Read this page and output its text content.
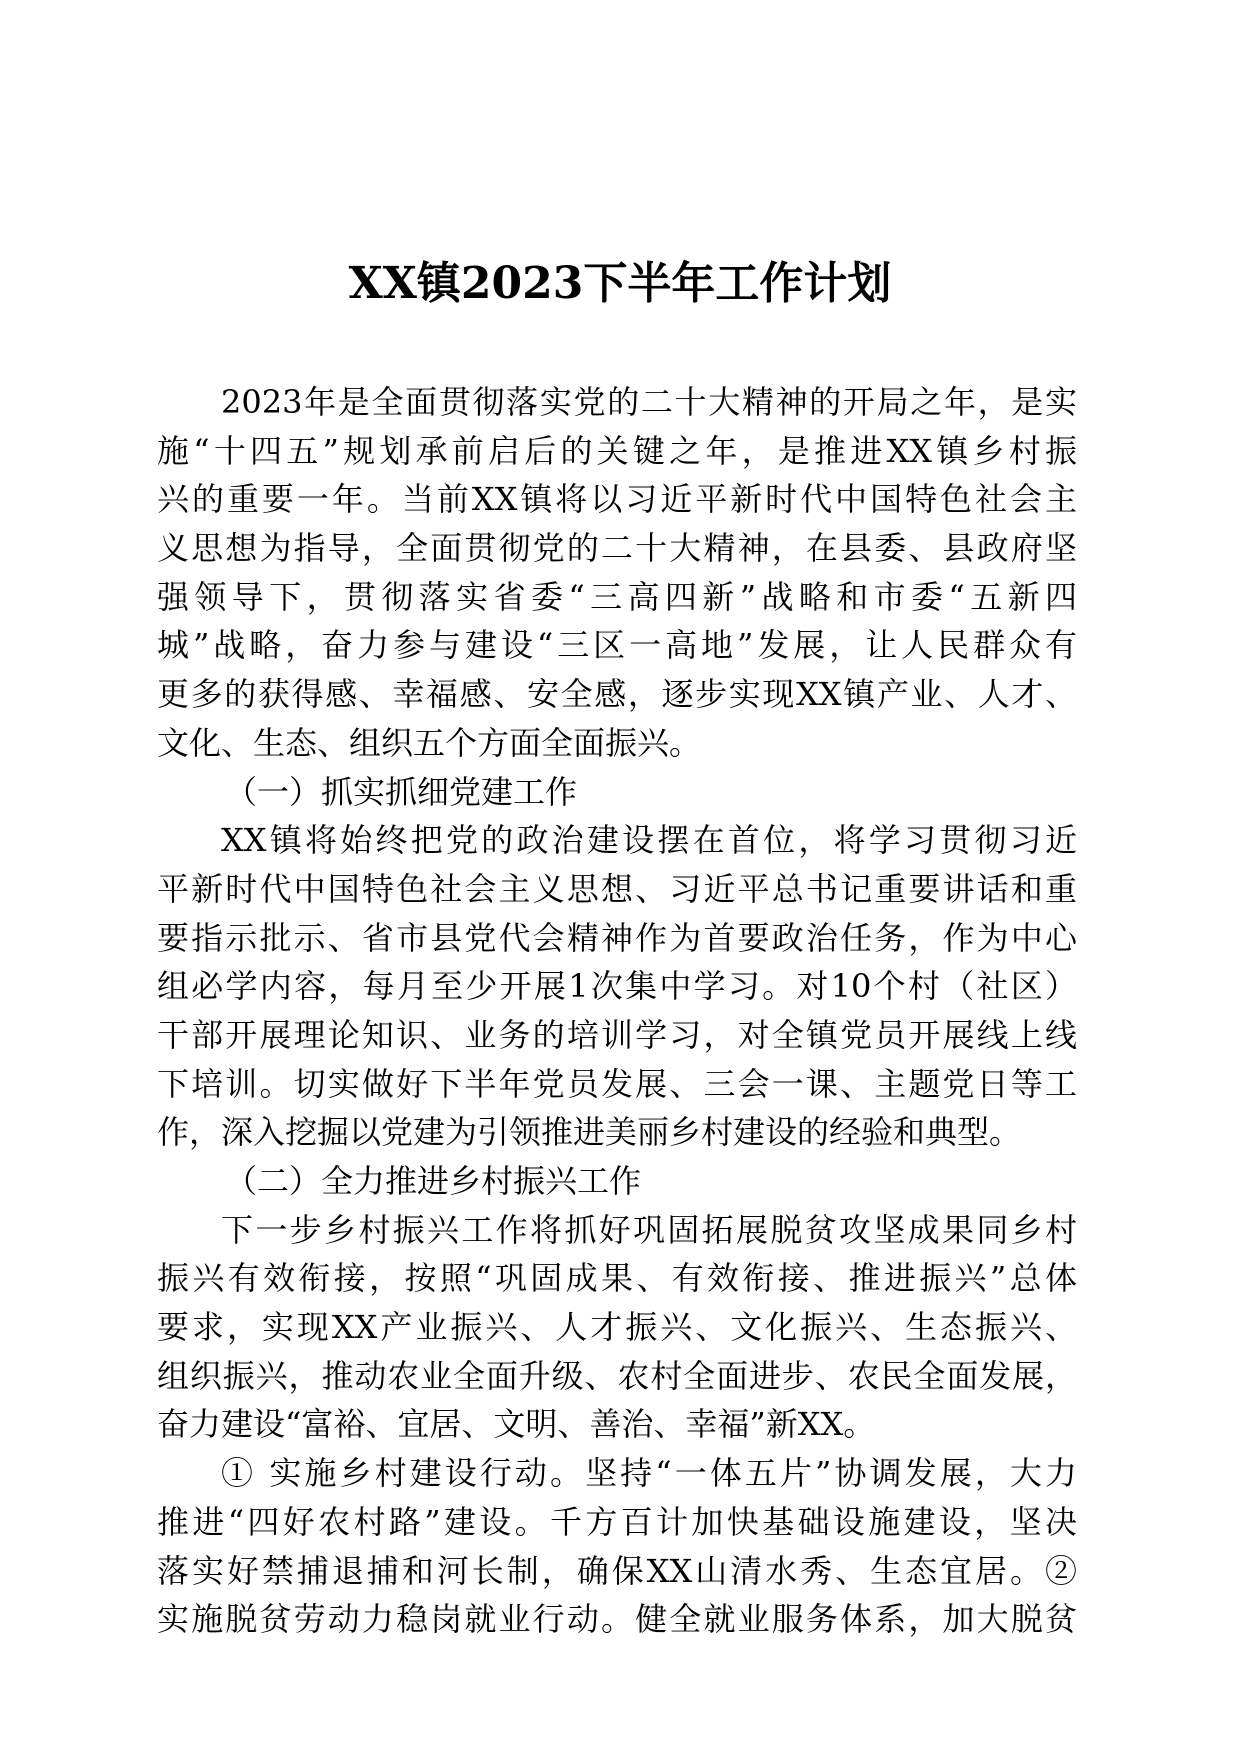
XX镇2023下半年工作计划
2023年是全面贯彻落实党的二十大精神的开局之年，是实
施“十四五”规划承前启后的关键之年，是推进XX镇乡村振
兴的重要一年。当前XX镇将以习近平新时代中国特色社会主
义思想为指导，全面贯彻党的二十大精神，在县委、县政府坚
强领导下，贯彻落实省委“三高四新”战略和市委“五新四
城”战略，奋力参与建设“三区一高地”发展，让人民群众有
更多的获得感、幸福感、安全感，逐步实现XX镇产业、人才、
文化、生态、组织五个方面全面振兴。
（一）抓实抓细党建工作
XX镇将始终把党的政治建设摆在首位，将学习贯彻习近
平新时代中国特色社会主义思想、习近平总书记重要讲话和重
要指示批示、省市县党代会精神作为首要政治任务，作为中心
组必学内容，每月至少开展1次集中学习。对10个村（社区）
干部开展理论知识、业务的培训学习，对全镇党员开展线上线
下培训。切实做好下半年党员发展、三会一课、主题党日等工
作，深入挖掘以党建为引领推进美丽乡村建设的经验和典型。
（二）全力推进乡村振兴工作
下一步乡村振兴工作将抓好巩固拓展脱贫攻坚成果同乡村
振兴有效衔接，按照“巩固成果、有效衔接、推进振兴”总体
要求，实现XX产业振兴、人才振兴、文化振兴、生态振兴、
组织振兴，推动农业全面升级、农村全面进步、农民全面发展，
奋力建设“富裕、宜居、文明、善治、幸福”新XX。
① 实施乡村建设行动。坚持“一体五片”协调发展，大力
推进“四好农村路”建设。千方百计加快基础设施建设，坚决
落实好禁捕退捕和河长制，确保XX山清水秀、生态宜居。②
实施脱贫劳动力稳岗就业行动。健全就业服务体系，加大脱贫
